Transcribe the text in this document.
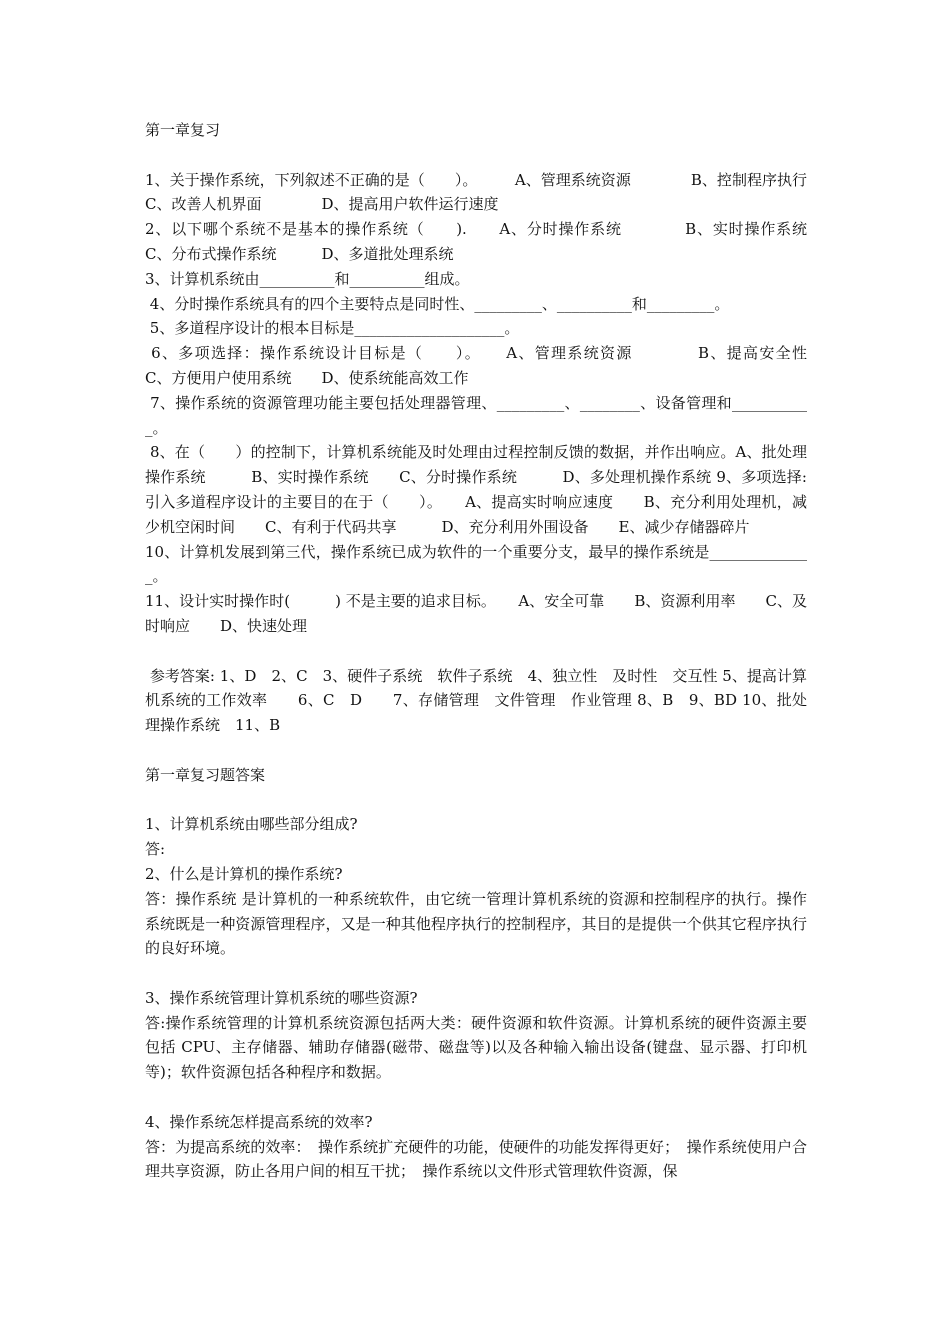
第一章复习

1、关于操作系统，下列叙述不正确的是（　　）。　　　A、管理系统资源　　　　B、控制程序执行　　C、改善人机界面　　　　D、提高用户软件运行速度

2、以下哪个系统不是基本的操作系统（　　).　　A、分时操作系统　　　　B、实时操作系统　　C、分布式操作系统　　　D、多道批处理系统

3、计算机系统由__________和__________组成。

4、分时操作系统具有的四个主要特点是同时性、_________、__________和_________。

5、多道程序设计的根本目标是____________________。

6、多项选择：操作系统设计目标是（　　）。　　A、管理系统资源　　　　B、提高安全性　　C、方便用户使用系统　　D、使系统能高效工作

7、操作系统的资源管理功能主要包括处理器管理、_________、________、设备管理和___________。

8、在（　　）的控制下，计算机系统能及时处理由过程控制反馈的数据，并作出响应。A、批处理操作系统　　　B、实时操作系统　　C、分时操作系统　　　D、多处理机操作系统 9、多项选择:引入多道程序设计的主要目的在于（　　）。　　A、提高实时响应速度　　B、充分利用处理机，减少机空闲时间　　C、有利于代码共享　　　D、充分利用外围设备　　E、减少存储器碎片

10、计算机发展到第三代，操作系统已成为软件的一个重要分支，最早的操作系统是______________。

11、设计实时操作时(　　　) 不是主要的追求目标。　　A、安全可靠　　B、资源利用率　　C、及时响应　　D、快速处理

参考答案: 1、D　2、C　3、硬件子系统　软件子系统　4、独立性　及时性　交互性 5、提高计算机系统的工作效率　　6、C　D　　7、存储管理　文件管理　作业管理 8、B　9、BD 10、批处理操作系统　11、B

第一章复习题答案

1、计算机系统由哪些部分组成?

答:

2、什么是计算机的操作系统?

答：操作系统 是计算机的一种系统软件，由它统一管理计算机系统的资源和控制程序的执行。操作系统既是一种资源管理程序，又是一种其他程序执行的控制程序，其目的是提供一个供其它程序执行的良好环境。

3、操作系统管理计算机系统的哪些资源?

答:操作系统管理的计算机系统资源包括两大类：硬件资源和软件资源。计算机系统的硬件资源主要包括 CPU、主存储器、辅助存储器(磁带、磁盘等)以及各种输入输出设备(键盘、显示器、打印机等)；软件资源包括各种程序和数据。

4、操作系统怎样提高系统的效率?

答：为提高系统的效率：　操作系统扩充硬件的功能，使硬件的功能发挥得更好；　操作系统使用户合理共享资源，防止各用户间的相互干扰；　操作系统以文件形式管理软件资源，保
